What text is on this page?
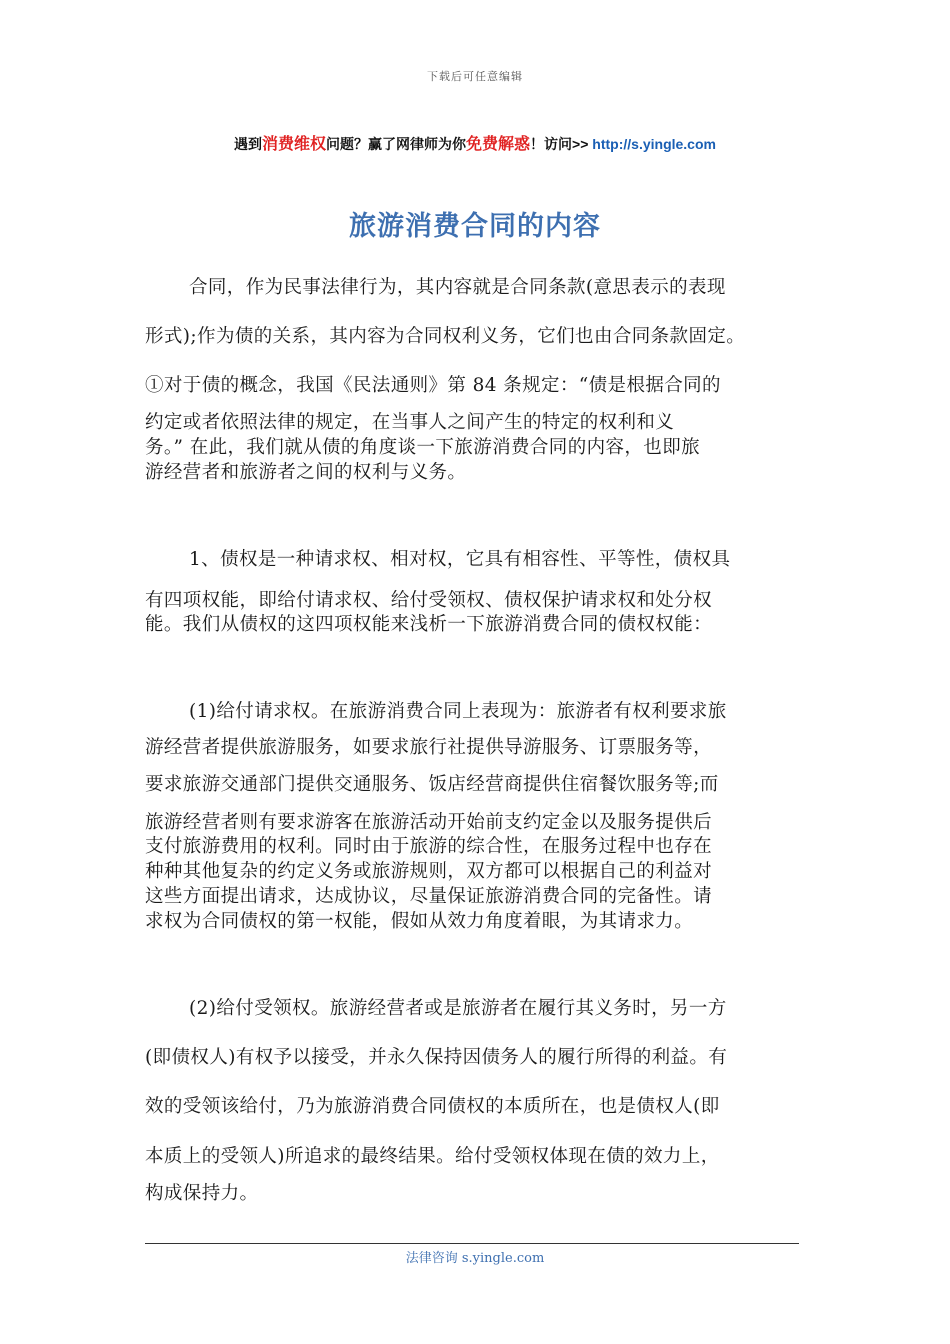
下载后可任意编辑
遇到消费维权问题？赢了网律师为你免费解惑！访问>> http://s.yingle.com
旅游消费合同的内容
合同，作为民事法律行为，其内容就是合同条款(意思表示的表现
形式);作为债的关系，其内容为合同权利义务，它们也由合同条款固定。
①对于债的概念，我国《民法通则》第 84 条规定：“债是根据合同的
约定或者依照法律的规定，在当事人之间产生的特定的权利和义
务。” 在此，我们就从债的角度谈一下旅游消费合同的内容，也即旅
游经营者和旅游者之间的权利与义务。
1、债权是一种请求权、相对权，它具有相容性、平等性，债权具
有四项权能，即给付请求权、给付受领权、债权保护请求权和处分权
能。我们从债权的这四项权能来浅析一下旅游消费合同的债权权能：
(1)给付请求权。在旅游消费合同上表现为：旅游者有权利要求旅
游经营者提供旅游服务，如要求旅行社提供导游服务、订票服务等，
要求旅游交通部门提供交通服务、饭店经营商提供住宿餐饮服务等;而
旅游经营者则有要求游客在旅游活动开始前支约定金以及服务提供后
支付旅游费用的权利。同时由于旅游的综合性，在服务过程中也存在
种种其他复杂的约定义务或旅游规则，双方都可以根据自己的利益对
这些方面提出请求，达成协议，尽量保证旅游消费合同的完备性。请
求权为合同债权的第一权能，假如从效力角度着眼，为其请求力。
(2)给付受领权。旅游经营者或是旅游者在履行其义务时，另一方
(即债权人)有权予以接受，并永久保持因债务人的履行所得的利益。有
效的受领该给付，乃为旅游消费合同债权的本质所在，也是债权人(即
本质上的受领人)所追求的最终结果。给付受领权体现在债的效力上，
构成保持力。
法律咨询 s.yingle.com
